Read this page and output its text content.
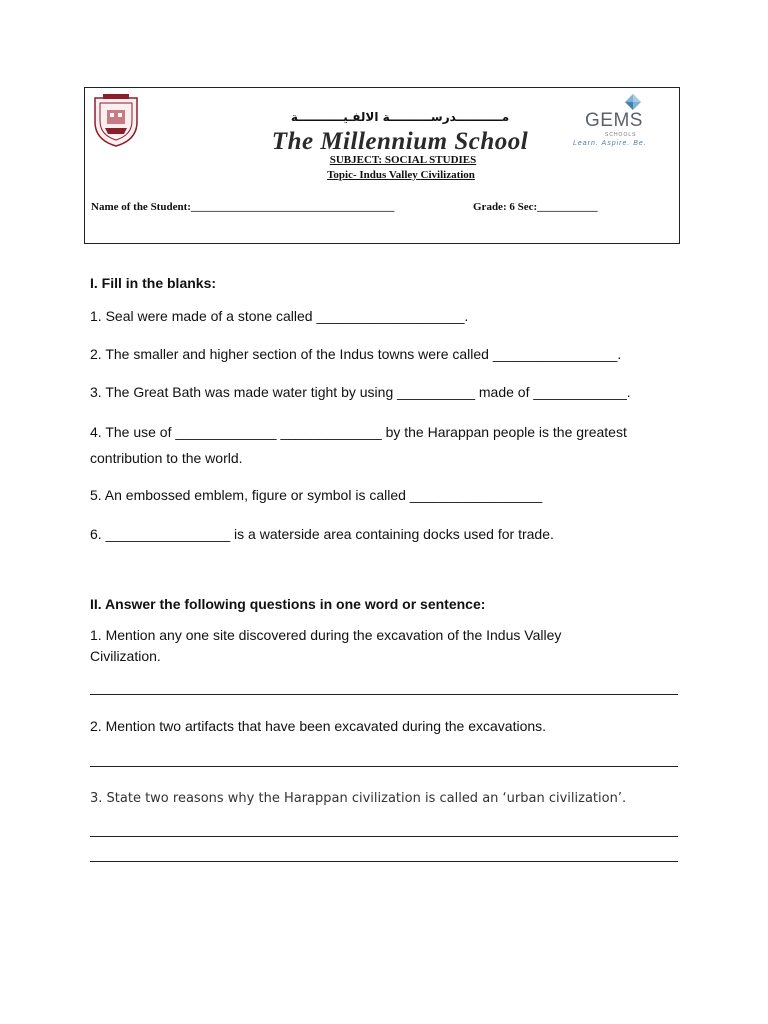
مـــــــــــدرســــــــــة الالفـيـــــــــــة
The Millennium School
GEMS
SCHOOLS
Learn. Aspire. Be.
SUBJECT: SOCIAL STUDIES
Topic- Indus Valley Civilization
Name of the Student:_____________________________________	Grade: 6 Sec:___________
I. Fill in the blanks:
1. Seal were made of a stone called ___________________.
2. The smaller and higher section of the Indus towns were called ________________.
3. The Great Bath was made water tight by using __________ made of ____________.
4. The use of _____________ _____________ by the Harappan people is the greatest
contribution to the world.
5. An embossed emblem, figure or symbol is called _________________
6. ________________ is a waterside area containing docks used for trade.
II. Answer the following questions in one word or sentence:
1. Mention any one site discovered during the excavation of the Indus Valley
Civilization.
2. Mention two artifacts that have been excavated during the excavations.
3. State two reasons why the Harappan civilization is called an ‘urban civilization’.
